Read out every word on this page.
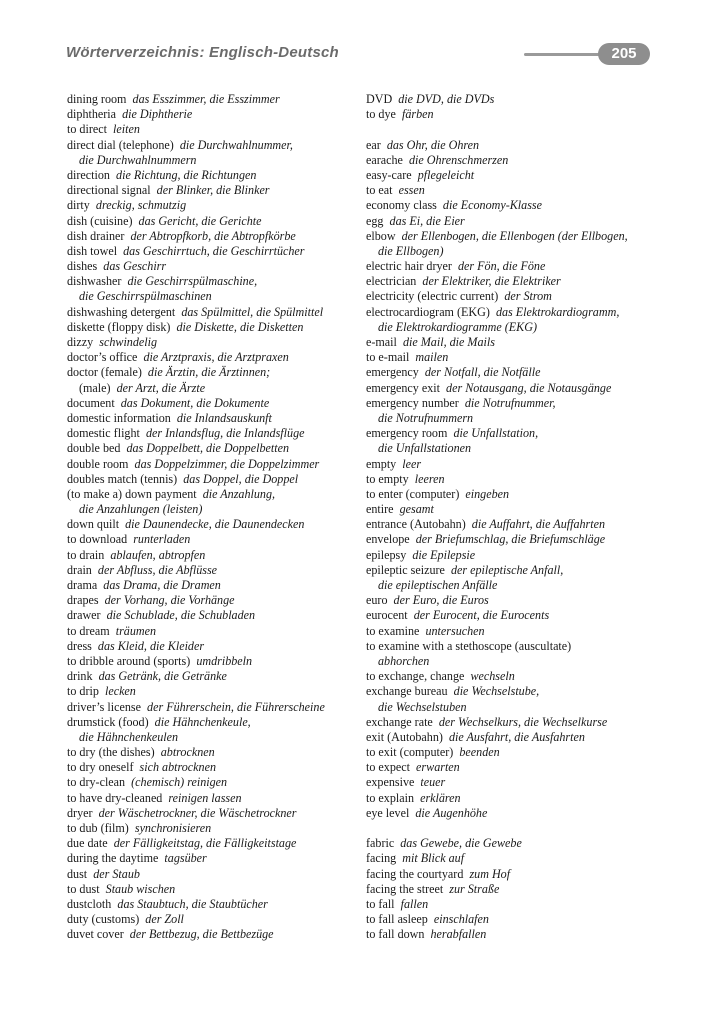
Wörterverzeichnis: Englisch-Deutsch	205
dining room das Esszimmer, die Esszimmer
diphtheria die Diphtherie
to direct leiten
direct dial (telephone) die Durchwahlnummer,
die Durchwahlnummern
direction die Richtung, die Richtungen
directional signal der Blinker, die Blinker
dirty dreckig, schmutzig
dish (cuisine) das Gericht, die Gerichte
dish drainer der Abtropfkorb, die Abtropfkörbe
dish towel das Geschirrtuch, die Geschirrtücher
dishes das Geschirr
dishwasher die Geschirrspülmaschine,
die Geschirrspülmaschinen
dishwashing detergent das Spülmittel, die Spülmittel
diskette (floppy disk) die Diskette, die Disketten
dizzy schwindelig
doctor’s office die Arztpraxis, die Arztpraxen
doctor (female) die Ärztin, die Ärztinnen;
(male) der Arzt, die Ärzte
document das Dokument, die Dokumente
domestic information die Inlandsauskunft
domestic flight der Inlandsflug, die Inlandsflüge
double bed das Doppelbett, die Doppelbetten
double room das Doppelzimmer, die Doppelzimmer
doubles match (tennis) das Doppel, die Doppel
(to make a) down payment die Anzahlung,
die Anzahlungen (leisten)
down quilt die Daunendecke, die Daunendecken
to download runterladen
to drain ablaufen, abtropfen
drain der Abfluss, die Abflüsse
drama das Drama, die Dramen
drapes der Vorhang, die Vorhänge
drawer die Schublade, die Schubladen
to dream träumen
dress das Kleid, die Kleider
to dribble around (sports) umdribbeln
drink das Getränk, die Getränke
to drip lecken
driver’s license der Führerschein, die Führerscheine
drumstick (food) die Hähnchenkeule,
die Hähnchenkeulen
to dry (the dishes) abtrocknen
to dry oneself sich abtrocknen
to dry-clean (chemisch) reinigen
to have dry-cleaned reinigen lassen
dryer der Wäschetrockner, die Wäschetrockner
to dub (film) synchronisieren
due date der Fälligkeitstag, die Fälligkeitstage
during the daytime tagsüber
dust der Staub
to dust Staub wischen
dustcloth das Staubtuch, die Staubtücher
duty (customs) der Zoll
duvet cover der Bettbezug, die Bettbezüge
DVD die DVD, die DVDs
to dye färben
ear das Ohr, die Ohren
earache die Ohrenschmerzen
easy-care pflegeleicht
to eat essen
economy class die Economy-Klasse
egg das Ei, die Eier
elbow der Ellenbogen, die Ellenbogen (der Ellbogen,
die Ellbogen)
electric hair dryer der Fön, die Föne
electrician der Elektriker, die Elektriker
electricity (electric current) der Strom
electrocardiogram (EKG) das Elektrokardiogramm,
die Elektrokardiogramme (EKG)
e-mail die Mail, die Mails
to e-mail mailen
emergency der Notfall, die Notfälle
emergency exit der Notausgang, die Notausgänge
emergency number die Notrufnummer,
die Notrufnummern
emergency room die Unfallstation,
die Unfallstationen
empty leer
to empty leeren
to enter (computer) eingeben
entire gesamt
entrance (Autobahn) die Auffahrt, die Auffahrten
envelope der Briefumschlag, die Briefumschläge
epilepsy die Epilepsie
epileptic seizure der epileptische Anfall,
die epileptischen Anfälle
euro der Euro, die Euros
eurocent der Eurocent, die Eurocents
to examine untersuchen
to examine with a stethoscope (auscultate)
abhorchen
to exchange, change wechseln
exchange bureau die Wechselstube,
die Wechselstuben
exchange rate der Wechselkurs, die Wechselkurse
exit (Autobahn) die Ausfahrt, die Ausfahrten
to exit (computer) beenden
to expect erwarten
expensive teuer
to explain erklären
eye level die Augenhöhe
fabric das Gewebe, die Gewebe
facing mit Blick auf
facing the courtyard zum Hof
facing the street zur Straße
to fall fallen
to fall asleep einschlafen
to fall down herabfallen
